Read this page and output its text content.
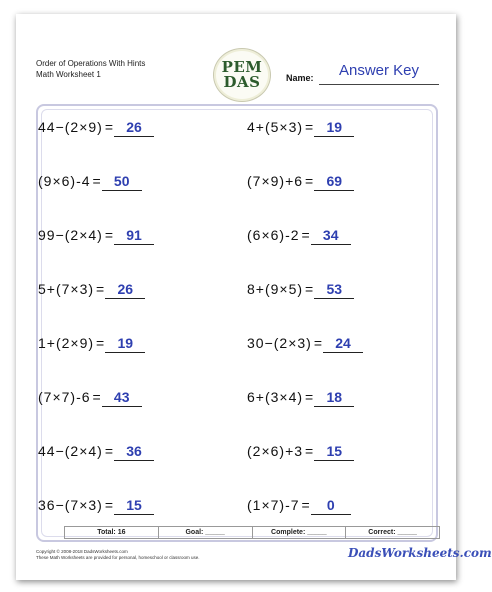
Order of Operations With Hints
Math Worksheet 1	PEM
DAS	Name:	Answer Key
Total: 16	Goal: _____	Complete: _____	Correct: _____
Copyright © 2008-2018 DadsWorksheets.com
These Math Worksheets are provided for personal, homeschool or classroom use.	DadsWorksheets.com
44−(2×9) = 26
(9×6)-4 = 50
99−(2×4) = 91
5+(7×3) = 26
1+(2×9) = 19
(7×7)-6 = 43
44−(2×4) = 36
36−(7×3) = 15
4+(5×3) = 19
(7×9)+6 = 69
(6×6)-2 = 34
8+(9×5) = 53
30−(2×3) = 24
6+(3×4) = 18
(2×6)+3 = 15
(1×7)-7 = 0
